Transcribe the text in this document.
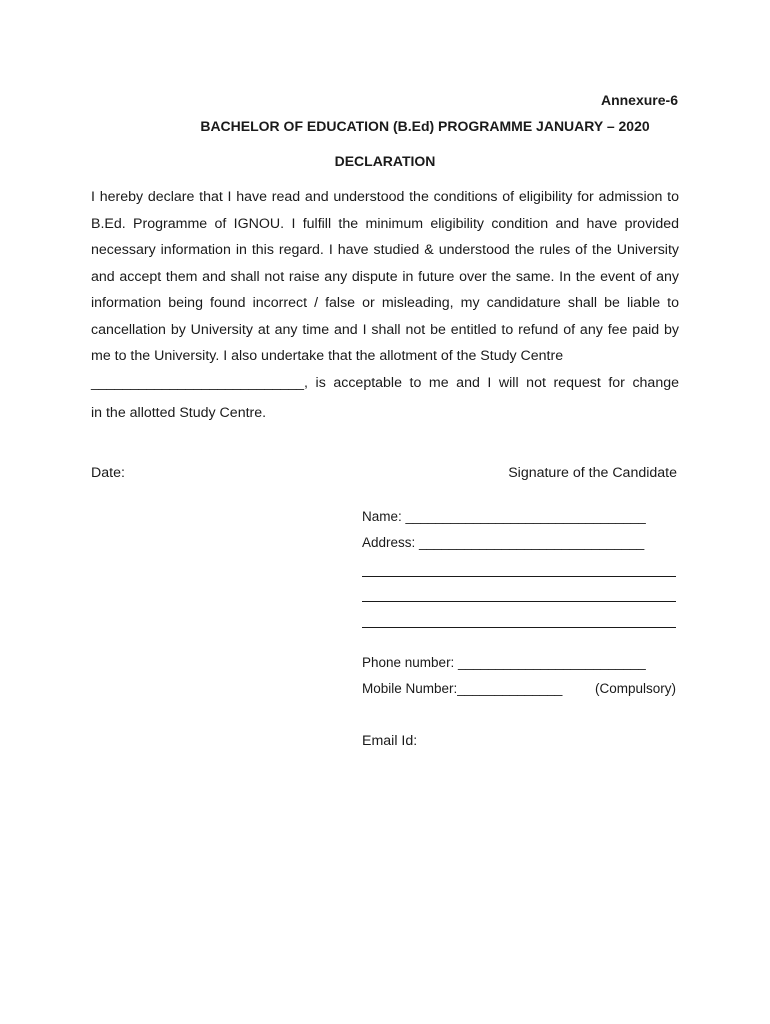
Annexure-6
BACHELOR OF EDUCATION (B.Ed) PROGRAMME JANUARY – 2020
DECLARATION

I hereby declare that I have read and understood the conditions of eligibility for admission to
B.Ed. Programme of IGNOU. I fulfill the minimum eligibility condition and have provided
necessary information in this regard. I have studied & understood the rules of the University
and accept them and shall not raise any dispute in future over the same. In the event of any
information being found incorrect / false or misleading, my candidature shall be liable to
cancellation by University at any time and I shall not be entitled to refund of any fee paid by
me to the University. I also undertake that the allotment of the Study Centre

___________________________, is acceptable to me and I will not request for change
in the allotted Study Centre.
Date:	Signature of the Candidate
Name: ________________________________
Address: ______________________________
Phone number: _________________________
Mobile Number:______________ (Compulsory)
Email Id:
